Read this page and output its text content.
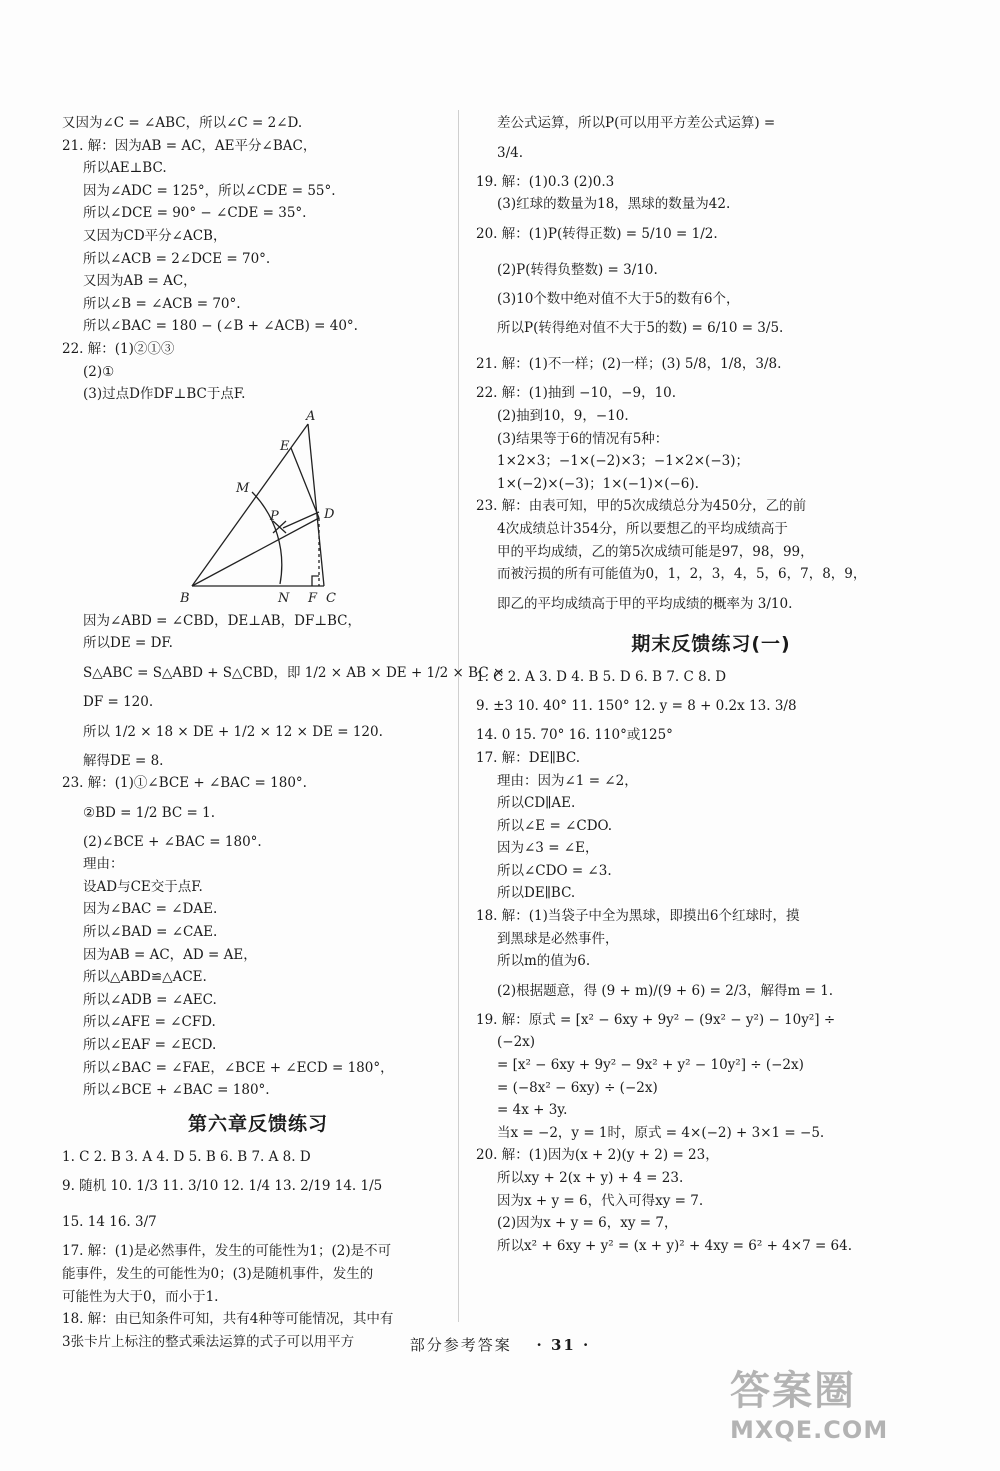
又因为∠C = ∠ABC，所以∠C = 2∠D.
21. 解：因为AB = AC，AE平分∠BAC，
所以AE⊥BC.
因为∠ADC = 125°，所以∠CDE = 55°.
所以∠DCE = 90° − ∠CDE = 35°.
又因为CD平分∠ACB，
所以∠ACB = 2∠DCE = 70°.
又因为AB = AC，
所以∠B = ∠ACB = 70°.
所以∠BAC = 180 − (∠B + ∠ACB) = 40°.
22. 解：(1)②①③
(2)①
(3)过点D作DF⊥BC于点F.
A
E
M
D
P
B	N F C
因为∠ABD = ∠CBD，DE⊥AB，DF⊥BC，
所以DE = DF.
S△ABC = S△ABD + S△CBD，即 1/2 × AB × DE + 1/2 × BC ×
DF = 120.
所以 1/2 × 18 × DE + 1/2 × 12 × DE = 120.
解得DE = 8.
23. 解：(1)①∠BCE + ∠BAC = 180°.
②BD = 1/2 BC = 1.
(2)∠BCE + ∠BAC = 180°.
理由：
设AD与CE交于点F.
因为∠BAC = ∠DAE.
所以∠BAD = ∠CAE.
因为AB = AC，AD = AE，
所以△ABD≌△ACE.
所以∠ADB = ∠AEC.
所以∠AFE = ∠CFD.
所以∠EAF = ∠ECD.
所以∠BAC = ∠FAE，∠BCE + ∠ECD = 180°，
所以∠BCE + ∠BAC = 180°.
第六章反馈练习
1. C 2. B 3. A 4. D 5. B 6. B 7. A 8. D
9. 随机 10. 1/3 11. 3/10 12. 1/4 13. 2/19 14. 1/5
15. 14 16. 3/7
17. 解：(1)是必然事件，发生的可能性为1；(2)是不可
能事件，发生的可能性为0；(3)是随机事件，发生的
可能性为大于0，而小于1.
18. 解：由已知条件可知，共有4种等可能情况，其中有
3张卡片上标注的整式乘法运算的式子可以用平方
差公式运算，所以P(可以用平方差公式运算) =
3/4.
19. 解：(1)0.3 (2)0.3
(3)红球的数量为18，黑球的数量为42.
20. 解：(1)P(转得正数) = 5/10 = 1/2.
(2)P(转得负整数) = 3/10.
(3)10个数中绝对值不大于5的数有6个，
所以P(转得绝对值不大于5的数) = 6/10 = 3/5.
21. 解：(1)不一样；(2)一样；(3) 5/8，1/8，3/8.
22. 解：(1)抽到 −10，−9，10.
(2)抽到10，9，−10.
(3)结果等于6的情况有5种：
1×2×3；−1×(−2)×3；−1×2×(−3)；
1×(−2)×(−3)；1×(−1)×(−6).
23. 解：由表可知，甲的5次成绩总分为450分，乙的前
4次成绩总计354分，所以要想乙的平均成绩高于
甲的平均成绩，乙的第5次成绩可能是97，98，99，
而被污损的所有可能值为0，1，2，3，4，5，6，7，8，9，
即乙的平均成绩高于甲的平均成绩的概率为 3/10.
期末反馈练习(一)
1. C 2. A 3. D 4. B 5. D 6. B 7. C 8. D
9. ±3 10. 40° 11. 150° 12. y = 8 + 0.2x 13. 3/8
14. 0 15. 70° 16. 110°或125°
17. 解：DE∥BC.
理由：因为∠1 = ∠2，
所以CD∥AE.
所以∠E = ∠CDO.
因为∠3 = ∠E，
所以∠CDO = ∠3.
所以DE∥BC.
18. 解：(1)当袋子中全为黑球，即摸出6个红球时，摸
到黑球是必然事件，
所以m的值为6.
(2)根据题意，得 (9 + m)/(9 + 6) = 2/3，解得m = 1.
19. 解：原式 = [x² − 6xy + 9y² − (9x² − y²) − 10y²] ÷
(−2x)
= [x² − 6xy + 9y² − 9x² + y² − 10y²] ÷ (−2x)
= (−8x² − 6xy) ÷ (−2x)
= 4x + 3y.
当x = −2，y = 1时，原式 = 4×(−2) + 3×1 = −5.
20. 解：(1)因为(x + 2)(y + 2) = 23，
所以xy + 2(x + y) + 4 = 23.
因为x + y = 6，代入可得xy = 7.
(2)因为x + y = 6，xy = 7，
所以x² + 6xy + y² = (x + y)² + 4xy = 6² + 4×7 = 64.
部分参考答案 · 31 ·
答案圈
MXQE.COM
